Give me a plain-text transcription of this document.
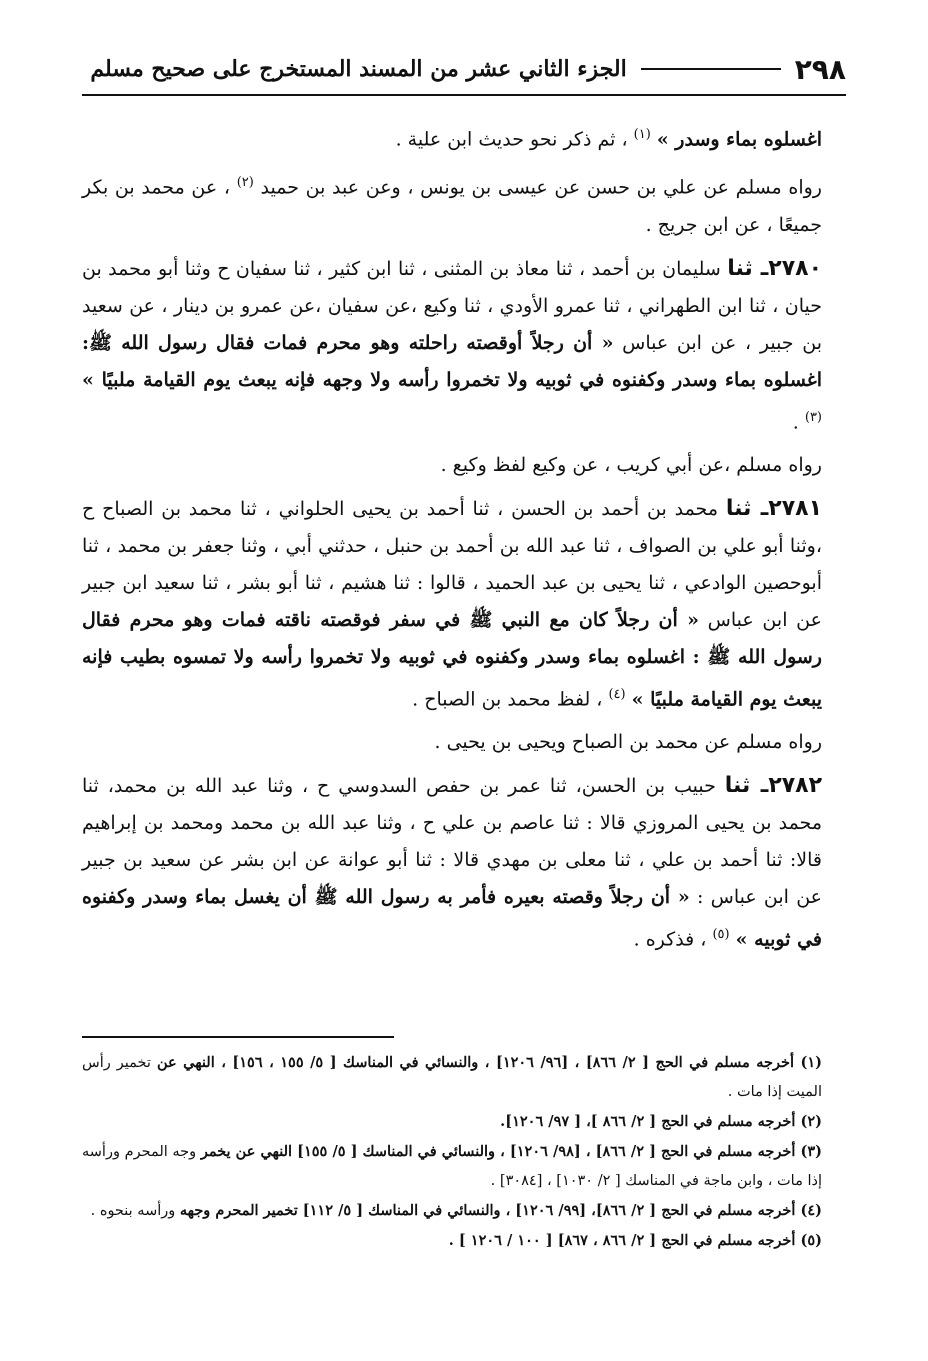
٢٩٨
الجزء الثاني عشر من المسند المستخرج على صحيح مسلم

اغسلوه بماء وسدر » $^{(١)}$ ، ثم ذكر نحو حديث ابن علية .

رواه مسلم عن علي بن حسن عن عيسى بن يونس ، وعن عبد بن حميد $^{(٢)}$ ، عن محمد بن بكر جميعًا ، عن ابن جريج .

٢٧٨٠ـ ثنا سليمان بن أحمد ، ثنا معاذ بن المثنى ، ثنا ابن كثير ، ثنا سفيان ح وثنا أبو محمد بن حيان ، ثنا ابن الطهراني ، ثنا عمرو الأودي ، ثنا وكيع ،عن سفيان ،عن عمرو بن دينار ، عن سعيد بن جبير ، عن ابن عباس « أن رجلاً أوقصته راحلته وهو محرم فمات فقال رسول الله ﷺ: اغسلوه بماء وسدر وكفنوه في ثوبيه ولا تخمروا رأسه ولا وجهه فإنه يبعث يوم القيامة ملبيًا » $^{(٣)}$ .

رواه مسلم ،عن أبي كريب ، عن وكيع لفظ وكيع .

٢٧٨١ـ ثنا محمد بن أحمد بن الحسن ، ثنا أحمد بن يحيى الحلواني ، ثنا محمد بن الصباح ح ،وثنا أبو علي بن الصواف ، ثنا عبد الله بن أحمد بن حنبل ، حدثني أبي ، وثنا جعفر بن محمد ، ثنا أبوحصين الوادعي ، ثنا يحيى بن عبد الحميد ، قالوا : ثنا هشيم ، ثنا أبو بشر ، ثنا سعيد ابن جبير عن ابن عباس « أن رجلاً كان مع النبي ﷺ في سفر فوقصته ناقته فمات وهو محرم فقال رسول الله ﷺ : اغسلوه بماء وسدر وكفنوه في ثوبيه ولا تخمروا رأسه ولا تمسوه بطيب فإنه يبعث يوم القيامة ملبيًا » $^{(٤)}$ ، لفظ محمد بن الصباح .

رواه مسلم عن محمد بن الصباح ويحيى بن يحيى .

٢٧٨٢ـ ثنا حبيب بن الحسن، ثنا عمر بن حفص السدوسي ح ، وثنا عبد الله بن محمد، ثنا محمد بن يحيى المروزي قالا : ثنا عاصم بن علي ح ، وثنا عبد الله بن محمد ومحمد بن إبراهيم قالا: ثنا أحمد بن علي ، ثنا معلى بن مهدي قالا : ثنا أبو عوانة عن ابن بشر عن سعيد بن جبير عن ابن عباس : « أن رجلاً وقصته بعيره فأمر به رسول الله ﷺ أن يغسل بماء وسدر وكفنوه في ثوبيه » $^{(٥)}$ ، فذكره .

(١) أخرجه مسلم في الحج [ ٢/ ٨٦٦] ، [٩٦/ ١٢٠٦] ، والنسائي في المناسك [ ٥/ ١٥٥ ، ١٥٦] ، النهي عن تخمير رأس الميت إذا مات .

(٢) أخرجه مسلم في الحج [ ٢/ ٨٦٦ ]، [ ٩٧/ ١٢٠٦].

(٣) أخرجه مسلم في الحج [ ٢/ ٨٦٦] ، [٩٨/ ١٢٠٦] ، والنسائي في المناسك [ ٥/ ١٥٥] النهي عن يخمر وجه المحرم ورأسه إذا مات ، وابن ماجة في المناسك [ ٢/ ١٠٣٠] ، [٣٠٨٤] .

(٤) أخرجه مسلم في الحج [ ٢/ ٨٦٦]، [٩٩/ ١٢٠٦] ، والنسائي في المناسك [ ٥/ ١١٢] تخمير المحرم وجهه ورأسه بنحوه .

(٥) أخرجه مسلم في الحج [ ٢/ ٨٦٦ ، ٨٦٧] [ ١٠٠ / ١٢٠٦ ] .
